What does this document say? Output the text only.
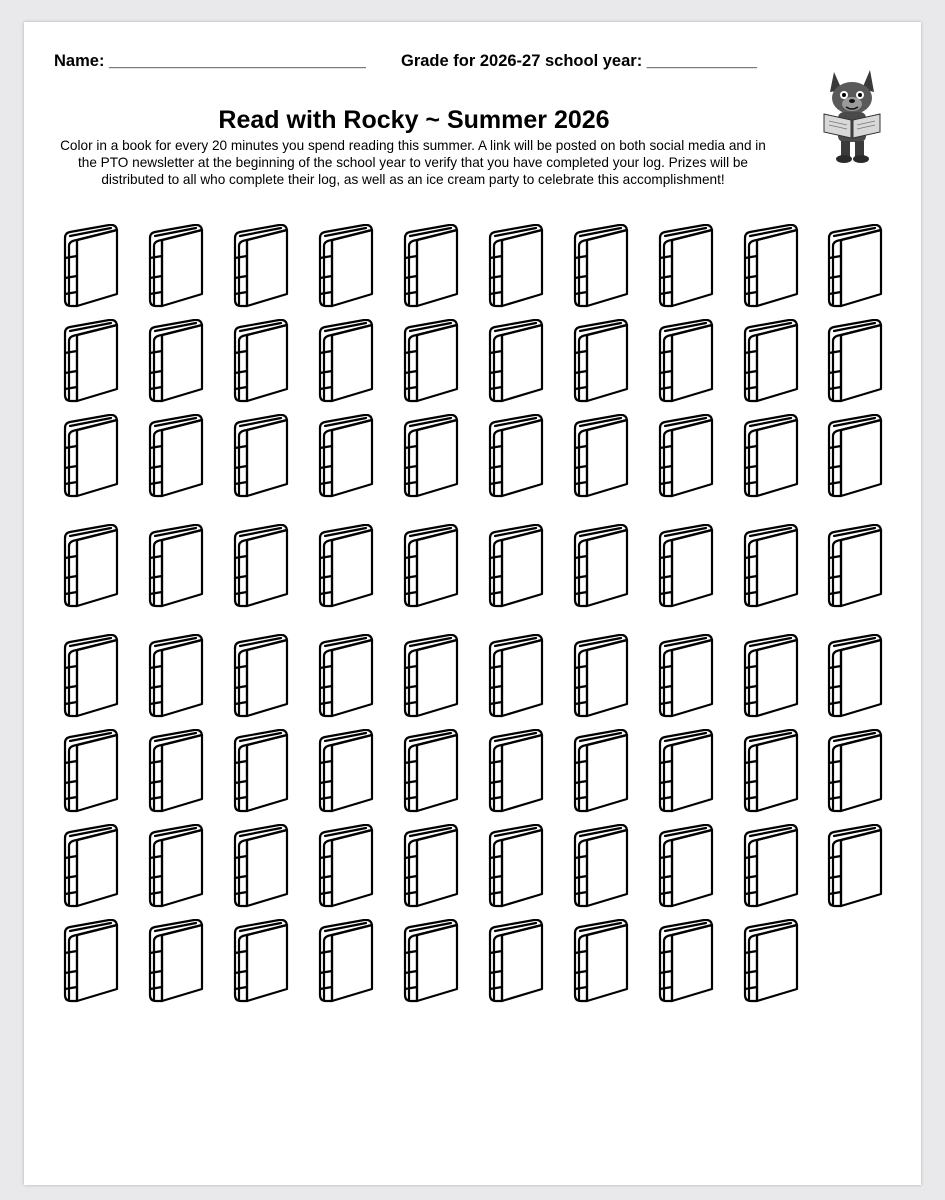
Name: ____________________________ Grade for 2026-27 school year: ____________
Read with Rocky ~ Summer 2026
Color in a book for every 20 minutes you spend reading this summer. A link will be posted on both social media and in the PTO newsletter at the beginning of the school year to verify that you have completed your log. Prizes will be distributed to all who complete their log, as well as an ice cream party to celebrate this accomplishment!
